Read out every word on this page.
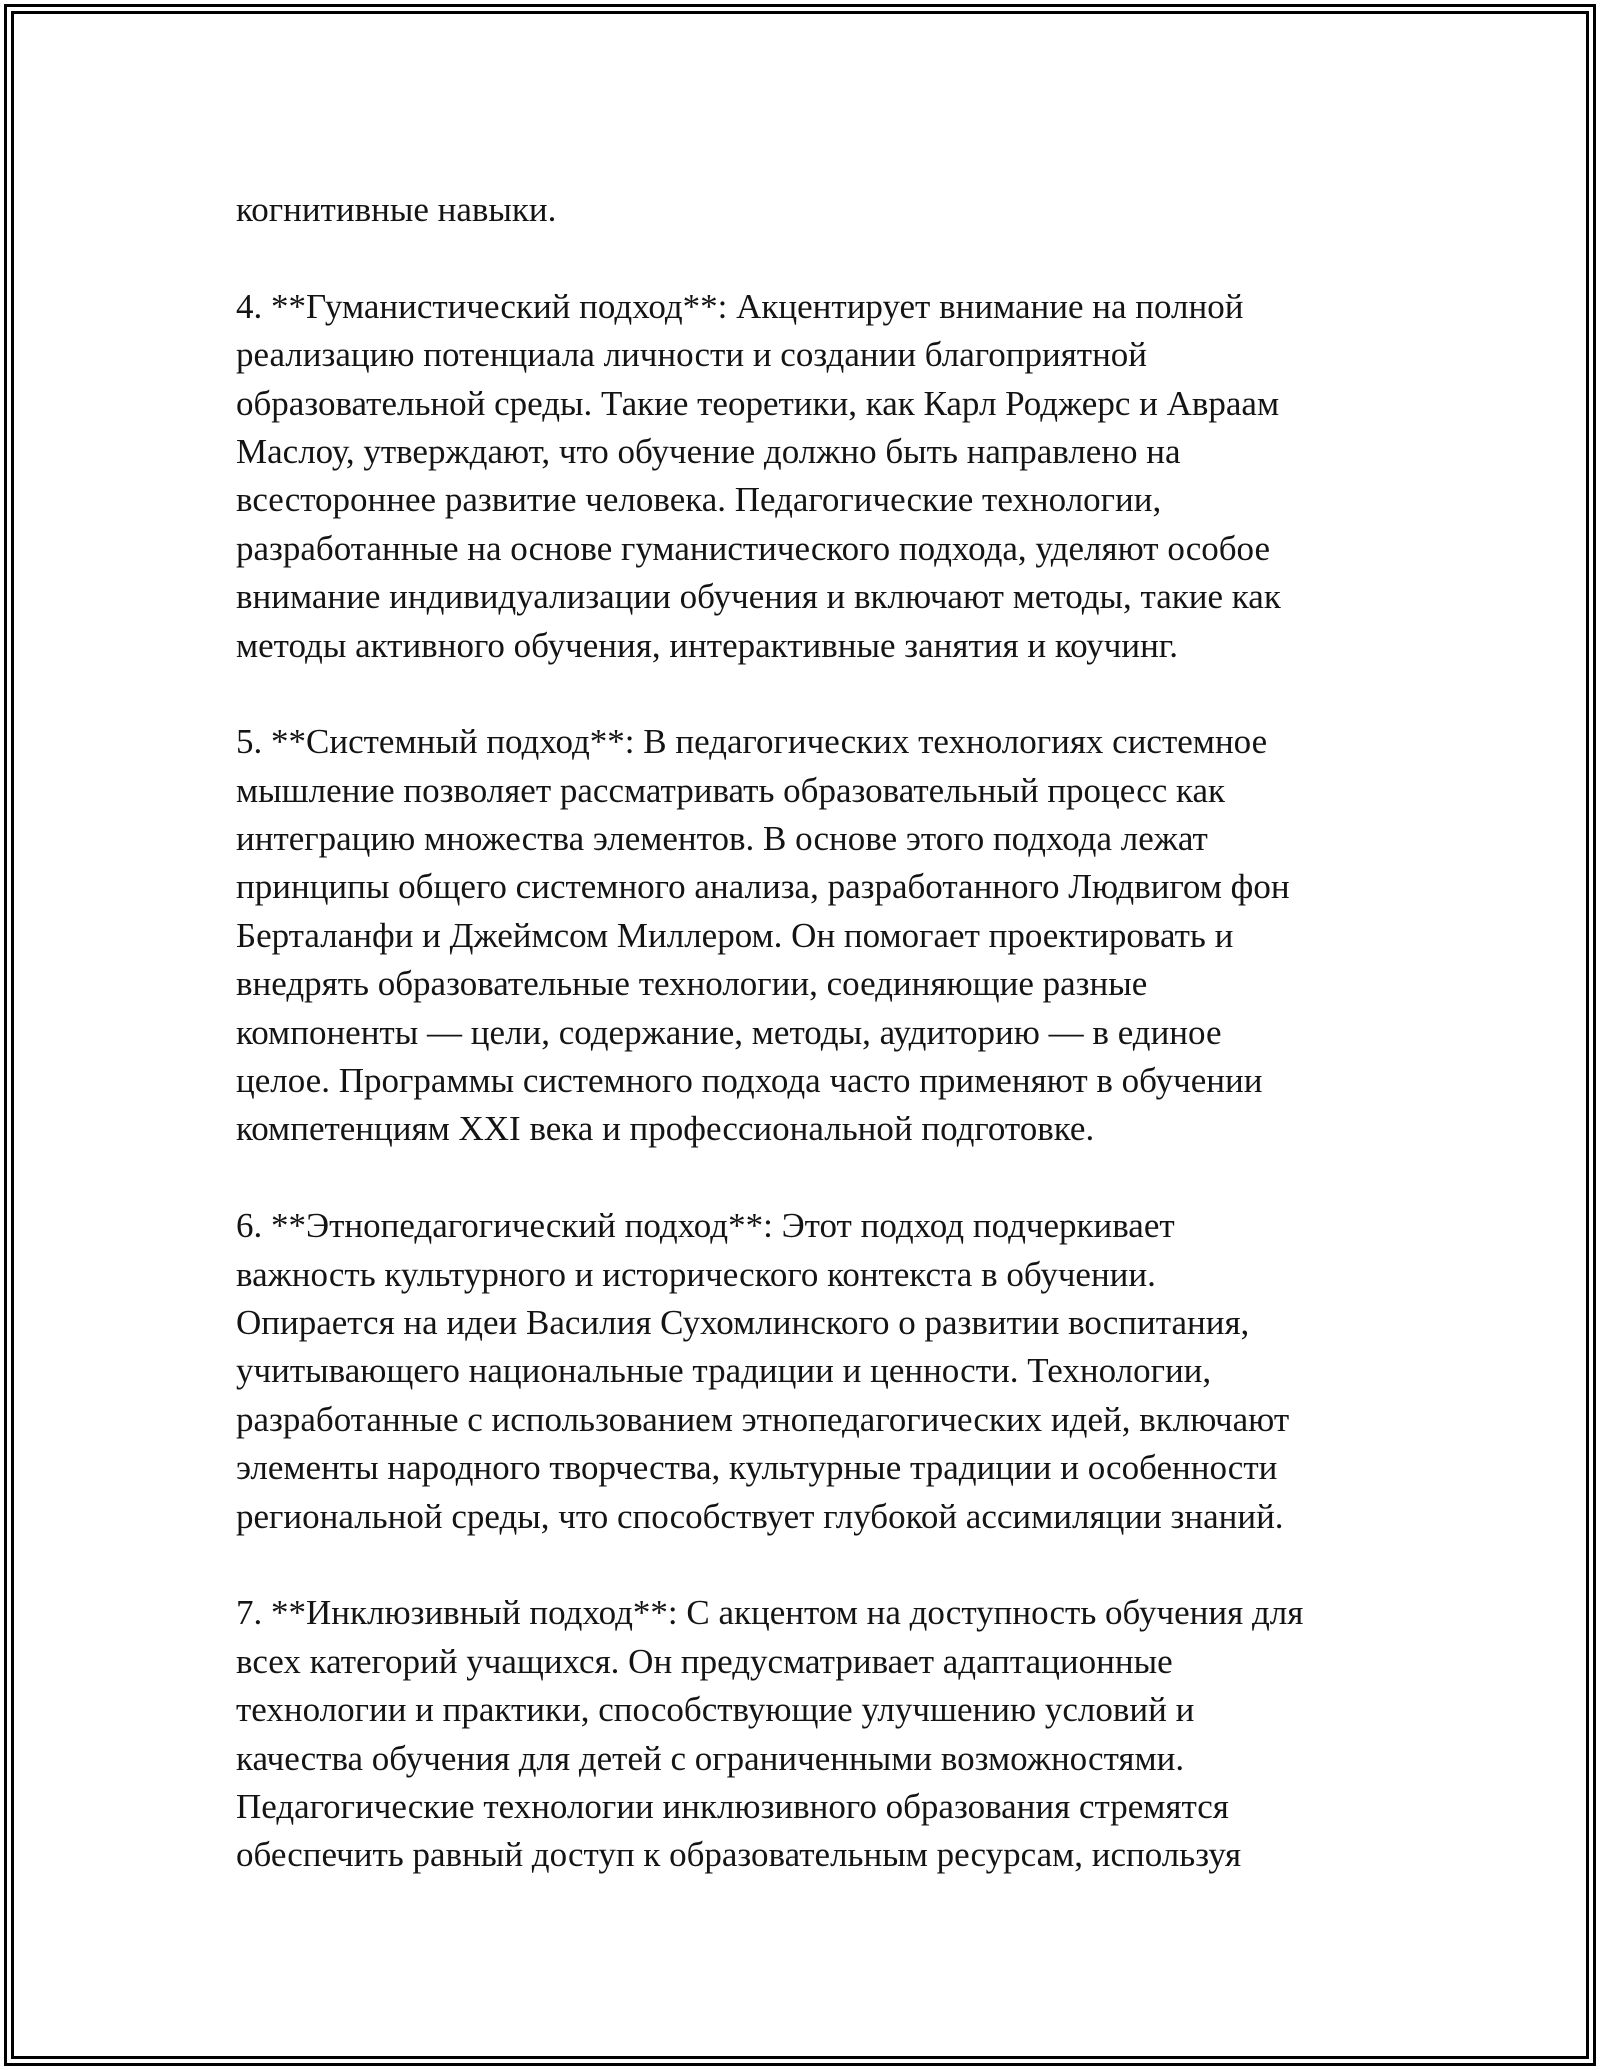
когнитивные навыки.
4. **Гуманистический подход**: Акцентирует внимание на полной
реализацию потенциала личности и создании благоприятной
образовательной среды. Такие теоретики, как Карл Роджерс и Авраам
Маслоу, утверждают, что обучение должно быть направлено на
всестороннее развитие человека. Педагогические технологии,
разработанные на основе гуманистического подхода, уделяют особое
внимание индивидуализации обучения и включают методы, такие как
методы активного обучения, интерактивные занятия и коучинг.
5. **Системный подход**: В педагогических технологиях системное
мышление позволяет рассматривать образовательный процесс как
интеграцию множества элементов. В основе этого подхода лежат
принципы общего системного анализа, разработанного Людвигом фон
Берталанфи и Джеймсом Миллером. Он помогает проектировать и
внедрять образовательные технологии, соединяющие разные
компоненты — цели, содержание, методы, аудиторию — в единое
целое. Программы системного подхода часто применяют в обучении
компетенциям XXI века и профессиональной подготовке.
6. **Этнопедагогический подход**: Этот подход подчеркивает
важность культурного и исторического контекста в обучении.
Опирается на идеи Василия Сухомлинского о развитии воспитания,
учитывающего национальные традиции и ценности. Технологии,
разработанные с использованием этнопедагогических идей, включают
элементы народного творчества, культурные традиции и особенности
региональной среды, что способствует глубокой ассимиляции знаний.
7. **Инклюзивный подход**: С акцентом на доступность обучения для
всех категорий учащихся. Он предусматривает адаптационные
технологии и практики, способствующие улучшению условий и
качества обучения для детей с ограниченными возможностями.
Педагогические технологии инклюзивного образования стремятся
обеспечить равный доступ к образовательным ресурсам, используя
